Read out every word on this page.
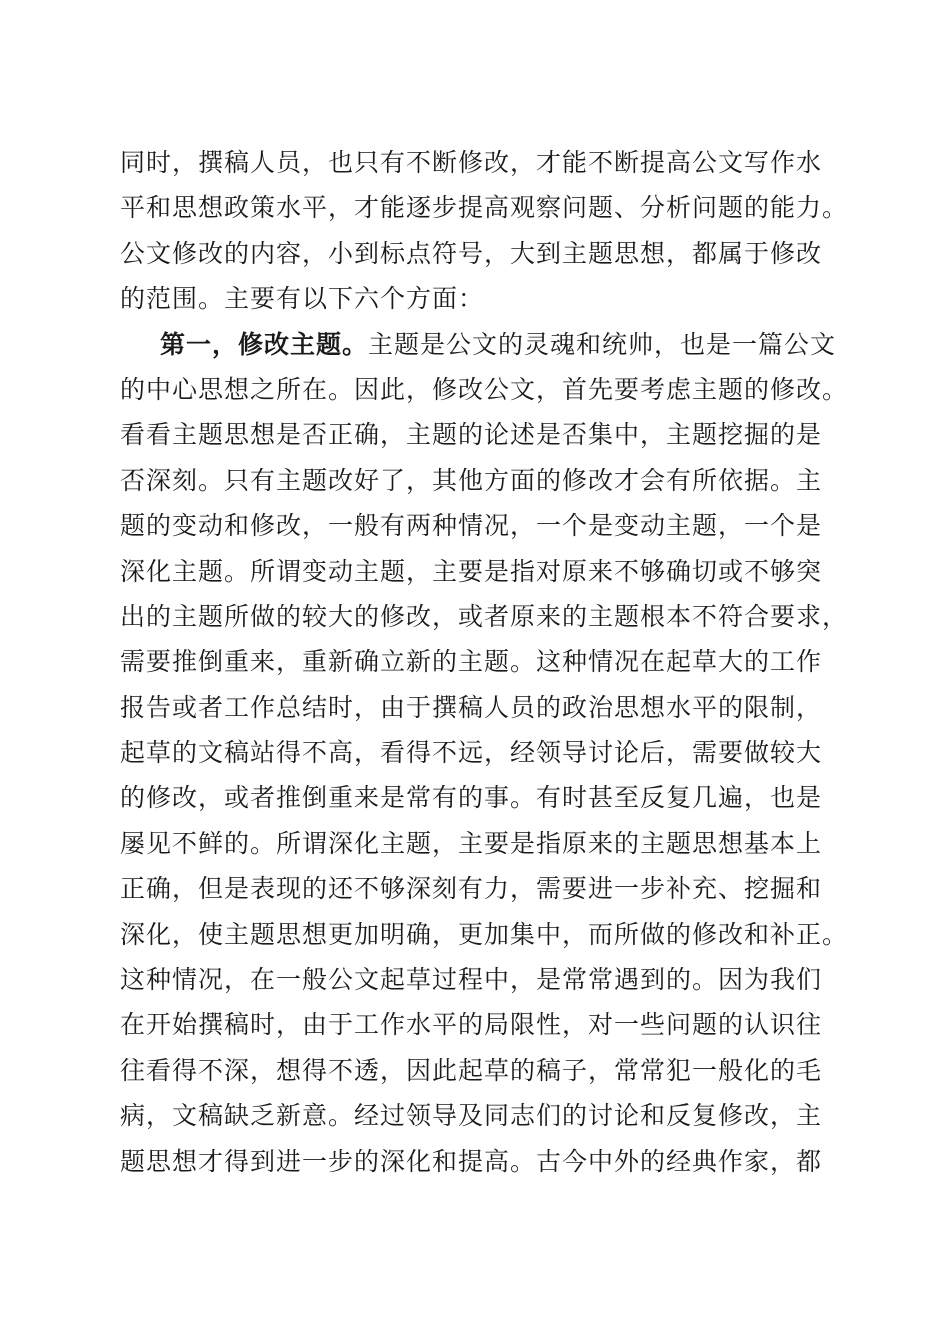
同时，撰稿人员，也只有不断修改，才能不断提高公文写作水
平和思想政策水平，才能逐步提高观察问题、分析问题的能力。
公文修改的内容，小到标点符号，大到主题思想，都属于修改
的范围。主要有以下六个方面：
第一，修改主题。主题是公文的灵魂和统帅，也是一篇公文
的中心思想之所在。因此，修改公文，首先要考虑主题的修改。
看看主题思想是否正确，主题的论述是否集中，主题挖掘的是
否深刻。只有主题改好了，其他方面的修改才会有所依据。主
题的变动和修改，一般有两种情况，一个是变动主题，一个是
深化主题。所谓变动主题，主要是指对原来不够确切或不够突
出的主题所做的较大的修改，或者原来的主题根本不符合要求，
需要推倒重来，重新确立新的主题。这种情况在起草大的工作
报告或者工作总结时，由于撰稿人员的政治思想水平的限制，
起草的文稿站得不高，看得不远，经领导讨论后，需要做较大
的修改，或者推倒重来是常有的事。有时甚至反复几遍，也是
屡见不鲜的。所谓深化主题，主要是指原来的主题思想基本上
正确，但是表现的还不够深刻有力，需要进一步补充、挖掘和
深化，使主题思想更加明确，更加集中，而所做的修改和补正。
这种情况，在一般公文起草过程中，是常常遇到的。因为我们
在开始撰稿时，由于工作水平的局限性，对一些问题的认识往
往看得不深，想得不透，因此起草的稿子，常常犯一般化的毛
病，文稿缺乏新意。经过领导及同志们的讨论和反复修改，主
题思想才得到进一步的深化和提高。古今中外的经典作家，都
